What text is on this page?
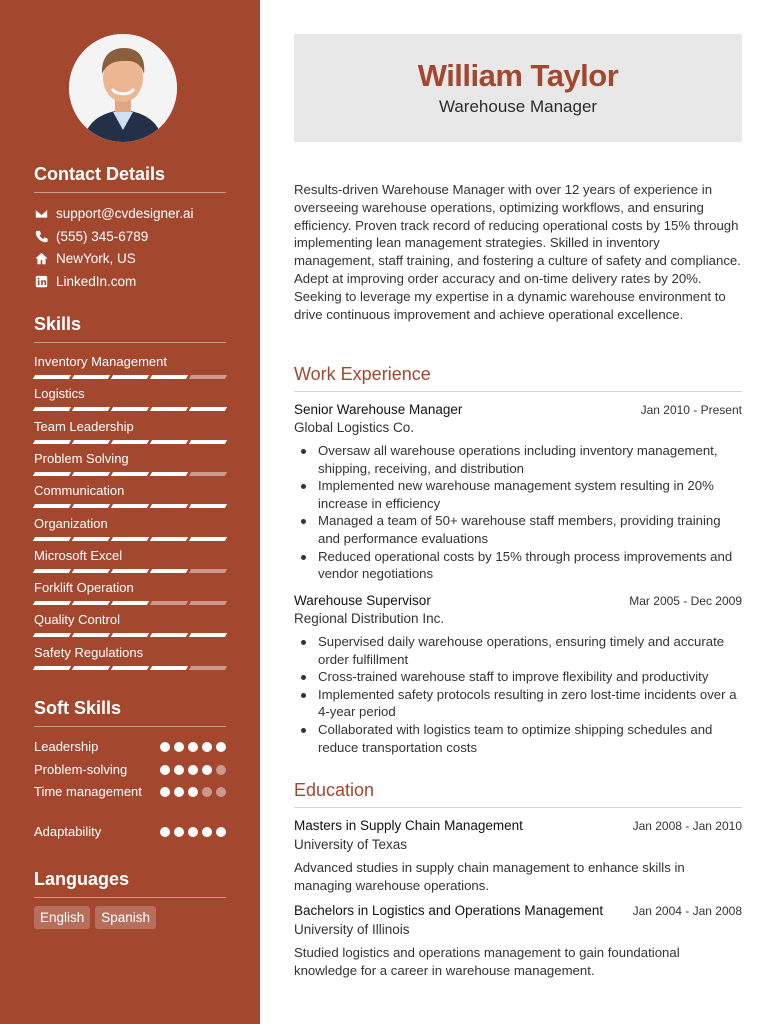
Contact Details
support@cvdesigner.ai
(555) 345-6789
NewYork, US
LinkedIn.com
Skills
Inventory Management
Logistics
Team Leadership
Problem Solving
Communication
Organization
Microsoft Excel
Forklift Operation
Quality Control
Safety Regulations
Soft Skills
Leadership
Problem-solving
Time management
Adaptability
Languages
English	Spanish
William Taylor
Warehouse Manager

Results-driven Warehouse Manager with over 12 years of experience in overseeing warehouse operations, optimizing workflows, and ensuring efficiency. Proven track record of reducing operational costs by 15% through implementing lean management strategies. Skilled in inventory management, staff training, and fostering a culture of safety and compliance. Adept at improving order accuracy and on-time delivery rates by 20%. Seeking to leverage my expertise in a dynamic warehouse environment to drive continuous improvement and achieve operational excellence.

Work Experience
Senior Warehouse Manager	Jan 2010 - Present
Global Logistics Co.
Oversaw all warehouse operations including inventory management, shipping, receiving, and distribution
Implemented new warehouse management system resulting in 20% increase in efficiency
Managed a team of 50+ warehouse staff members, providing training and performance evaluations
Reduced operational costs by 15% through process improvements and vendor negotiations
Warehouse Supervisor	Mar 2005 - Dec 2009
Regional Distribution Inc.
Supervised daily warehouse operations, ensuring timely and accurate order fulfillment
Cross-trained warehouse staff to improve flexibility and productivity
Implemented safety protocols resulting in zero lost-time incidents over a 4-year period
Collaborated with logistics team to optimize shipping schedules and reduce transportation costs
Education
Masters in Supply Chain Management	Jan 2008 - Jan 2010
University of Texas

Advanced studies in supply chain management to enhance skills in managing warehouse operations.

Bachelors in Logistics and Operations Management Jan 2004 - Jan 2008
University of Illinois

Studied logistics and operations management to gain foundational knowledge for a career in warehouse management.
